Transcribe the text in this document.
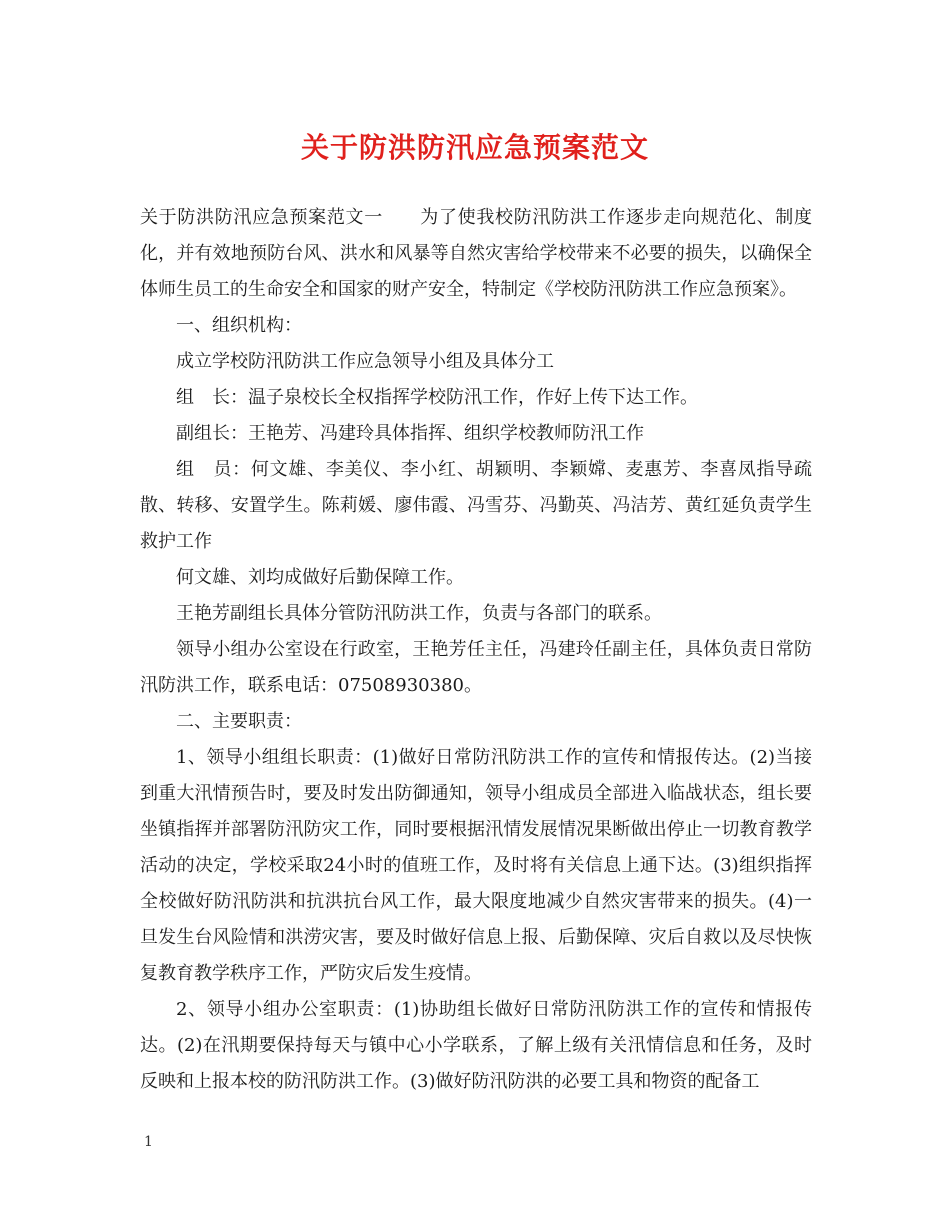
关于防洪防汛应急预案范文

关于防洪防汛应急预案范文一　　为了使我校防汛防洪工作逐步走向规范化、制度化，并有效地预防台风、洪水和风暴等自然灾害给学校带来不必要的损失，以确保全体师生员工的生命安全和国家的财产安全，特制定《学校防汛防洪工作应急预案》。

一、组织机构：

成立学校防汛防洪工作应急领导小组及具体分工

组　长：温子泉校长全权指挥学校防汛工作，作好上传下达工作。

副组长：王艳芳、冯建玲具体指挥、组织学校教师防汛工作

组　员：何文雄、李美仪、李小红、胡颖明、李颖嫦、麦惠芳、李喜凤指导疏散、转移、安置学生。陈莉媛、廖伟霞、冯雪芬、冯勤英、冯洁芳、黄红延负责学生救护工作

何文雄、刘均成做好后勤保障工作。

王艳芳副组长具体分管防汛防洪工作，负责与各部门的联系。

领导小组办公室设在行政室，王艳芳任主任，冯建玲任副主任，具体负责日常防汛防洪工作，联系电话：07508930380。

二、主要职责：

1、领导小组组长职责：(1)做好日常防汛防洪工作的宣传和情报传达。(2)当接到重大汛情预告时，要及时发出防御通知，领导小组成员全部进入临战状态，组长要坐镇指挥并部署防汛防灾工作，同时要根据汛情发展情况果断做出停止一切教育教学活动的决定，学校采取24小时的值班工作，及时将有关信息上通下达。(3)组织指挥全校做好防汛防洪和抗洪抗台风工作，最大限度地减少自然灾害带来的损失。(4)一旦发生台风险情和洪涝灾害，要及时做好信息上报、后勤保障、灾后自救以及尽快恢复教育教学秩序工作，严防灾后发生疫情。

2、领导小组办公室职责：(1)协助组长做好日常防汛防洪工作的宣传和情报传达。(2)在汛期要保持每天与镇中心小学联系，了解上级有关汛情信息和任务，及时反映和上报本校的防汛防洪工作。(3)做好防汛防洪的必要工具和物资的配备工

1
